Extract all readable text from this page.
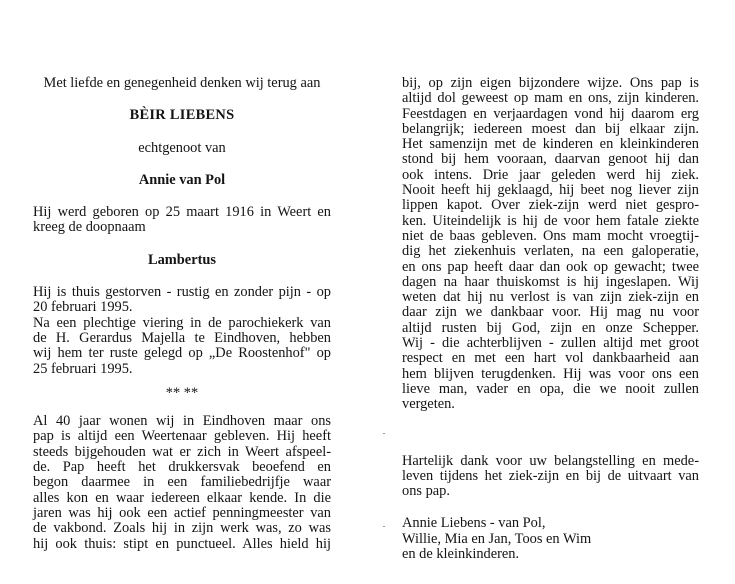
Met liefde en genegenheid denken wij terug aan
BÈIR LIEBENS
echtgenoot van
Annie van Pol
Hij werd geboren op 25 maart 1916 in Weert en
kreeg de doopnaam
Lambertus
Hij is thuis gestorven - rustig en zonder pijn - op
20 februari 1995.
Na een plechtige viering in de parochiekerk van
de H. Gerardus Majella te Eindhoven, hebben
wij hem ter ruste gelegd op „De Roostenhof" op
25 februari 1995.
** **
Al 40 jaar wonen wij in Eindhoven maar ons
pap is altijd een Weertenaar gebleven. Hij heeft
steeds bijgehouden wat er zich in Weert afspeel-
de. Pap heeft het drukkersvak beoefend en
begon daarmee in een familiebedrijfje waar
alles kon en waar iedereen elkaar kende. In die
jaren was hij ook een actief penningmeester van
de vakbond. Zoals hij in zijn werk was, zo was
hij ook thuis: stipt en punctueel. Alles hield hij
bij, op zijn eigen bijzondere wijze. Ons pap is
altijd dol geweest op mam en ons, zijn kinderen.
Feestdagen en verjaardagen vond hij daarom erg
belangrijk; iedereen moest dan bij elkaar zijn.
Het samenzijn met de kinderen en kleinkinderen
stond bij hem vooraan, daarvan genoot hij dan
ook intens. Drie jaar geleden werd hij ziek.
Nooit heeft hij geklaagd, hij beet nog liever zijn
lippen kapot. Over ziek-zijn werd niet gespro-
ken. Uiteindelijk is hij de voor hem fatale ziekte
niet de baas gebleven. Ons mam mocht vroegtij-
dig het ziekenhuis verlaten, na een galoperatie,
en ons pap heeft daar dan ook op gewacht; twee
dagen na haar thuiskomst is hij ingeslapen. Wij
weten dat hij nu verlost is van zijn ziek-zijn en
daar zijn we dankbaar voor. Hij mag nu voor
altijd rusten bij God, zijn en onze Schepper.
Wij - die achterblijven - zullen altijd met groot
respect en met een hart vol dankbaarheid aan
hem blijven terugdenken. Hij was voor ons een
lieve man, vader en opa, die we nooit zullen
vergeten.
Hartelijk dank voor uw belangstelling en mede-
leven tijdens het ziek-zijn en bij de uitvaart van
ons pap.
Annie Liebens - van Pol,
Willie, Mia en Jan, Toos en Wim
en de kleinkinderen.
